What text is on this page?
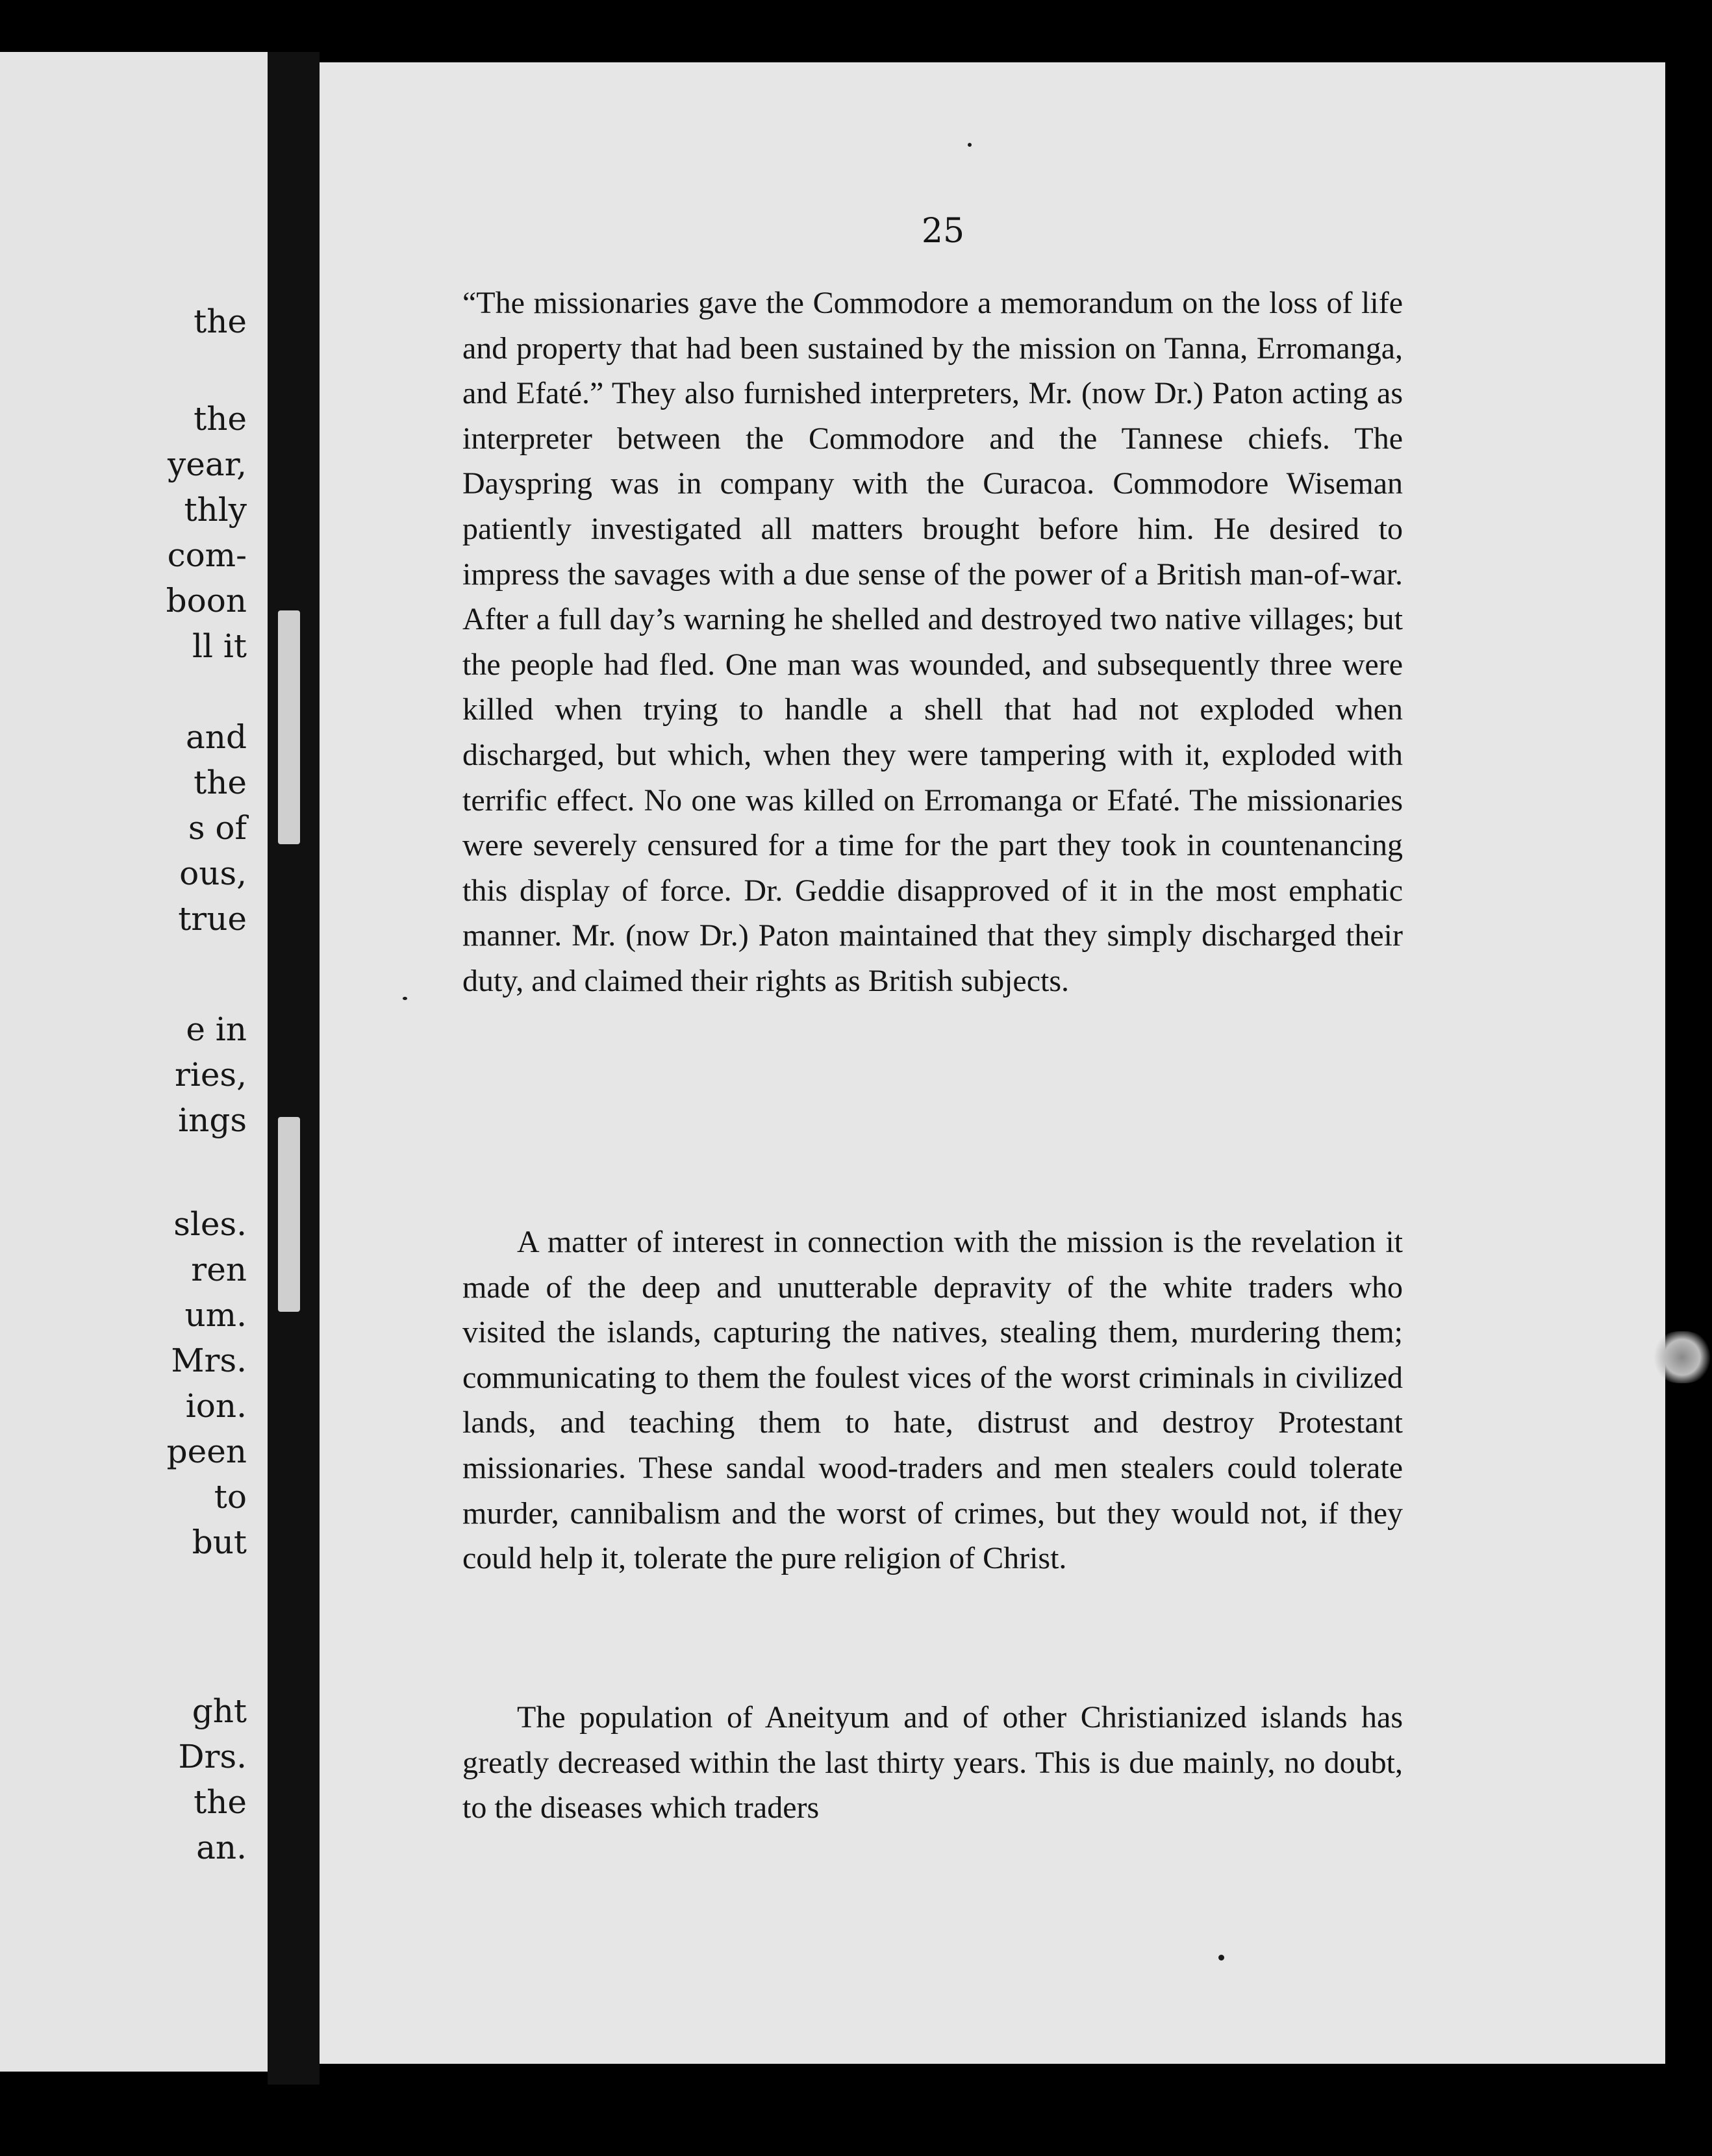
the
the
year,
thly
com-
boon
ll it
and
the
s of
ous,
true
e in
ries,
ings
sles.
ren
um.
Mrs.
ion.
peen
to
but
ght
Drs.
the
an.
25

“The missionaries gave the Commodore a memorandum on the loss of life and property that had been sustained by the mission on Tanna, Erromanga, and Efaté.” They also furnished interpreters, Mr. (now Dr.) Paton acting as interpreter between the Commodore and the Tannese chiefs. The Dayspring was in company with the Curacoa. Commodore Wiseman patiently investigated all matters brought before him. He desired to impress the savages with a due sense of the power of a British man-of-war. After a full day’s warning he shelled and destroyed two native villages; but the people had fled. One man was wounded, and subsequently three were killed when trying to handle a shell that had not exploded when discharged, but which, when they were tampering with it, exploded with terrific effect. No one was killed on Erromanga or Efaté. The missionaries were severely censured for a time for the part they took in countenancing this display of force. Dr. Geddie disapproved of it in the most emphatic manner. Mr. (now Dr.) Paton maintained that they simply discharged their duty, and claimed their rights as British subjects.

A matter of interest in connection with the mission is the revelation it made of the deep and unutterable depravity of the white traders who visited the islands, capturing the natives, stealing them, murdering them; communicating to them the foulest vices of the worst criminals in civilized lands, and teaching them to hate, distrust and destroy Protestant missionaries. These sandal wood-traders and men stealers could tolerate murder, cannibalism and the worst of crimes, but they would not, if they could help it, tolerate the pure religion of Christ.

The population of Aneityum and of other Christianized islands has greatly decreased within the last thirty years. This is due mainly, no doubt, to the diseases which traders
